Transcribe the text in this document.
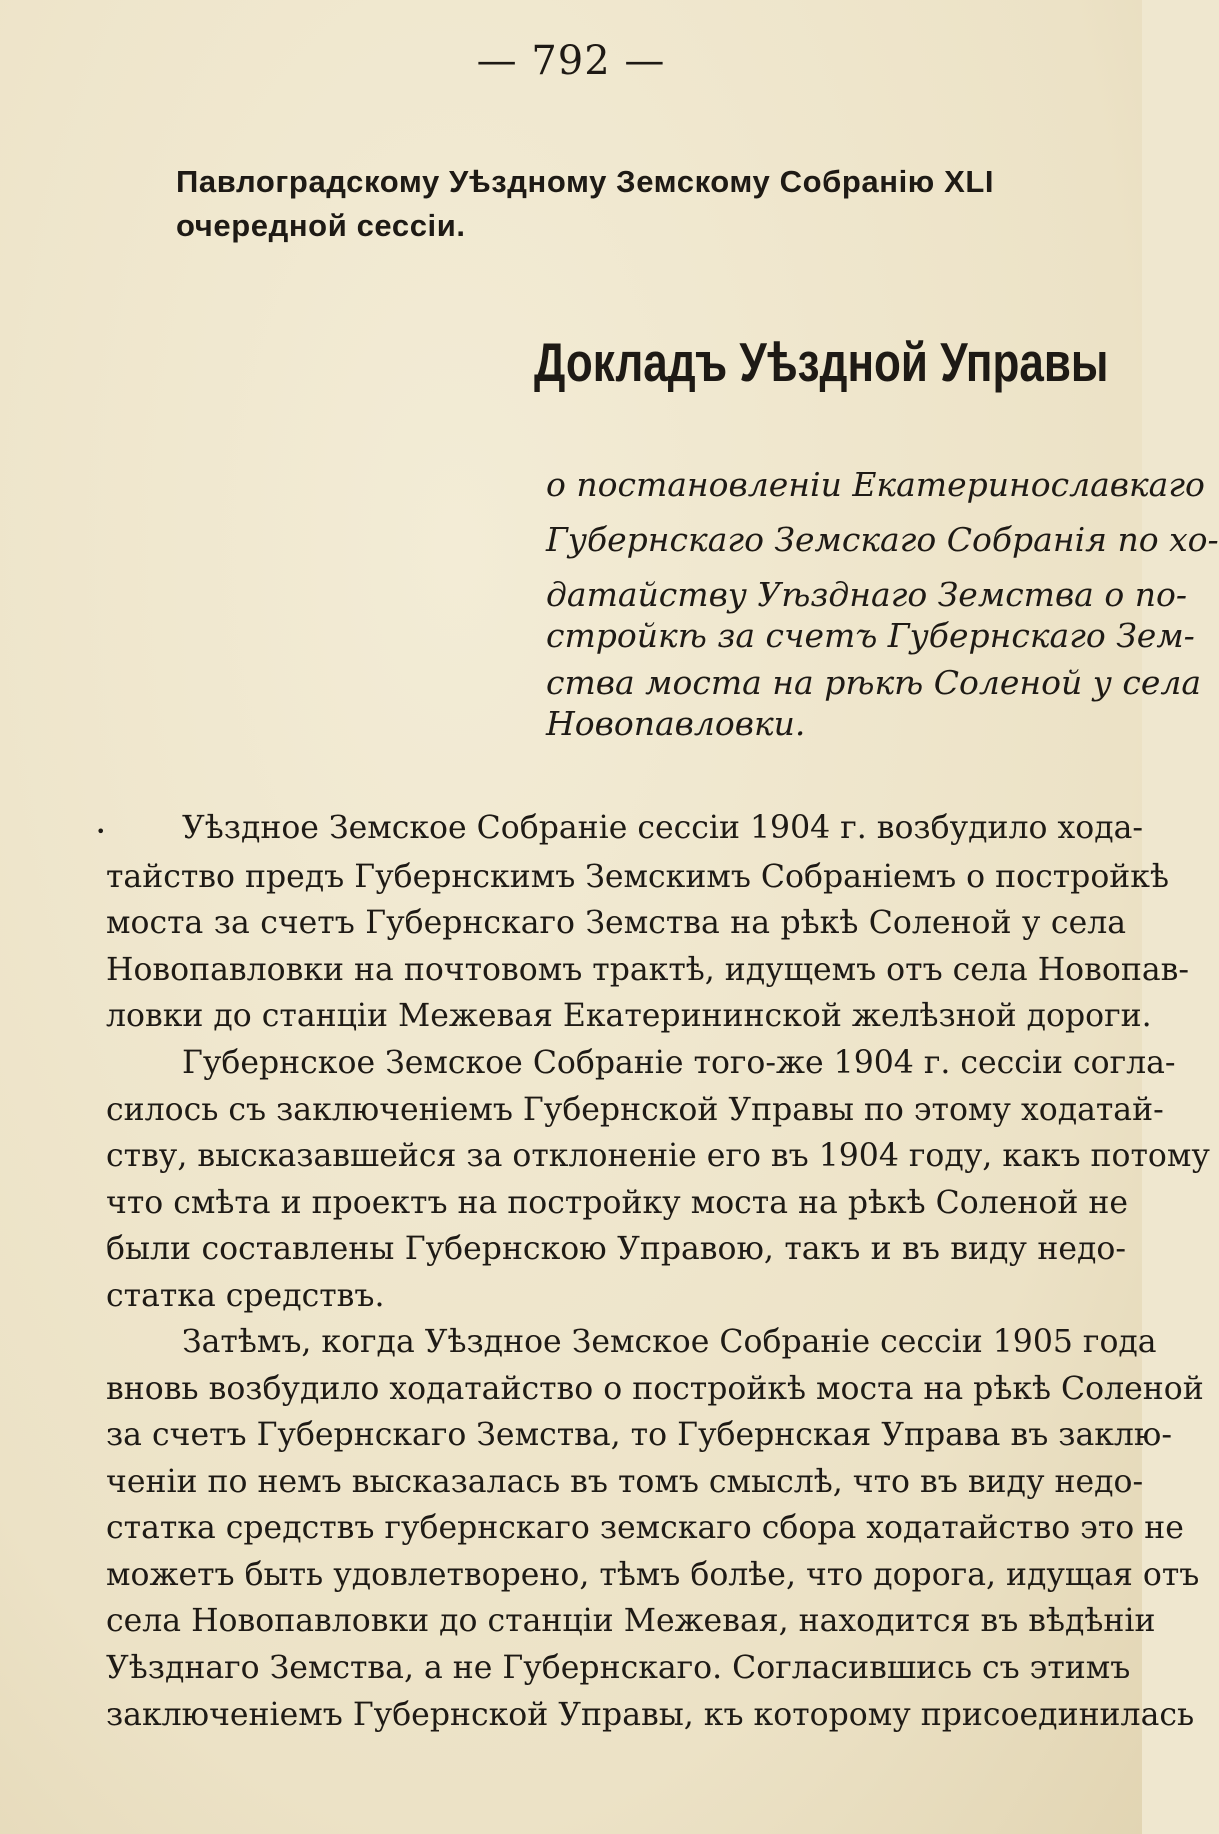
— 792 —
Павлоградскому Уѣздному Земскому Собранію XLI очередной сессіи.
Докладъ Уѣздной Управы
о постановленіи Екатеринославкаго
Губернскаго Земскаго Собранія по хо-
датайству Уѣзднаго Земства о по-
стройкѣ за счетъ Губернскаго Зем-
ства моста на рѣкѣ Соленой у села
Новопавловки.
• Уѣздное Земское Собраніе сессіи 1904 г. возбудило хода-
тайство предъ Губернскимъ Земскимъ Собраніемъ о постройкѣ
моста за счетъ Губернскаго Земства на рѣкѣ Соленой у села
Новопавловки на почтовомъ трактѣ, идущемъ отъ села Новопав-
ловки до станціи Межевая Екатерининской желѣзной дороги.
Губернское Земское Собраніе того-же 1904 г. сессіи согла-
силось съ заключеніемъ Губернской Управы по этому ходатай-
ству, высказавшейся за отклоненіе его въ 1904 году, какъ потому
что смѣта и проектъ на постройку моста на рѣкѣ Соленой не
были составлены Губернскою Управою, такъ и въ виду недо-
статка средствъ.
Затѣмъ, когда Уѣздное Земское Собраніе сессіи 1905 года
вновь возбудило ходатайство о постройкѣ моста на рѣкѣ Соленой
за счетъ Губернскаго Земства, то Губернская Управа въ заклю-
ченіи по немъ высказалась въ томъ смыслѣ, что въ виду недо-
статка средствъ губернскаго земскаго сбора ходатайство это не
можетъ быть удовлетворено, тѣмъ болѣе, что дорога, идущая отъ
села Новопавловки до станціи Межевая, находится въ вѣдѣніи
Уѣзднаго Земства, а не Губернскаго. Согласившись съ этимъ
заключеніемъ Губернской Управы, къ которому присоединилась
